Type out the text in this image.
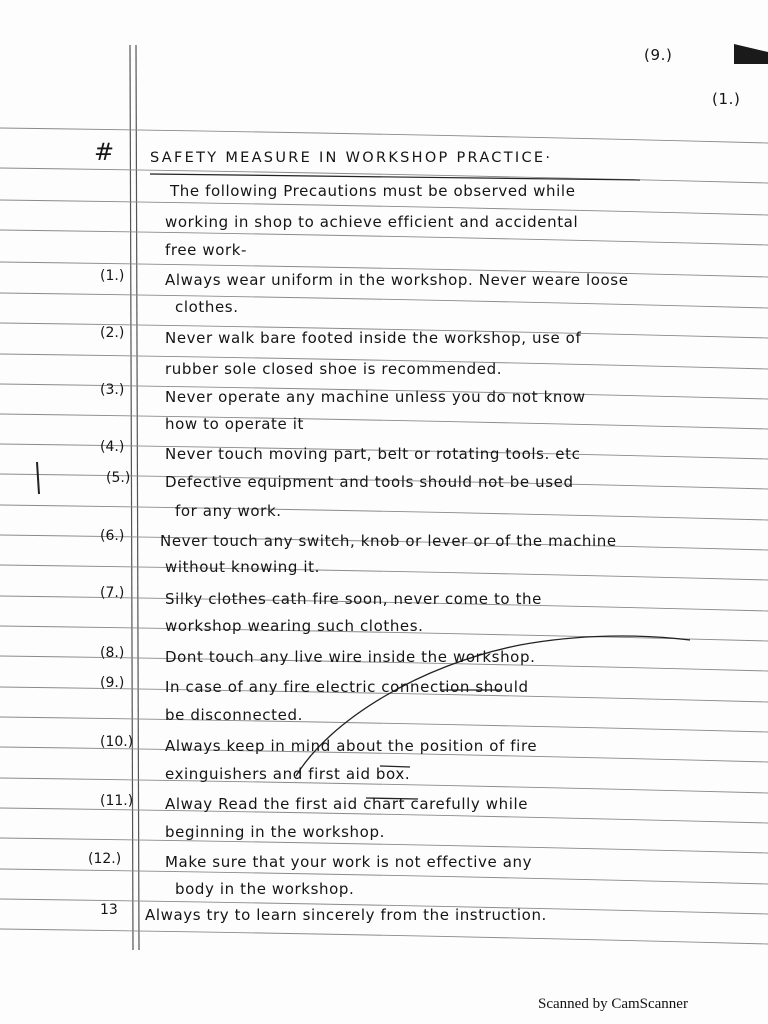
(9.)
(1.)
# SAFETY MEASURE IN WORKSHOP PRACTICE·
The following Precautions must be observed while
working in shop to achieve efficient and accidental
free work-
(1.)	Always wear uniform in the workshop. Never weare loose
clothes.
(2.)	Never walk bare footed inside the workshop, use of
rubber sole closed shoe is recommended.
(3.)	Never operate any machine unless you do not know
how to operate it
(4.)	Never touch moving part, belt or rotating tools. etc
(5.) Defective equipment and tools should not be used
for any work.
(6.) Never touch any switch, knob or lever or of the machine
without knowing it.
(7.)	Silky clothes cath fire soon, never come to the
workshop wearing such clothes.
(8.)	Dont touch any live wire inside the workshop.
(9.)	In case of any fire electric connection should
be disconnected.
(10.) Always keep in mind about the position of fire
exinguishers and first aid box.
(11.) Alway Read the first aid chart carefully while
beginning in the workshop.
(12.)	Make sure that your work is not effective any
body in the workshop.
13 Always try to learn sincerely from the instruction.
Scanned by CamScanner
